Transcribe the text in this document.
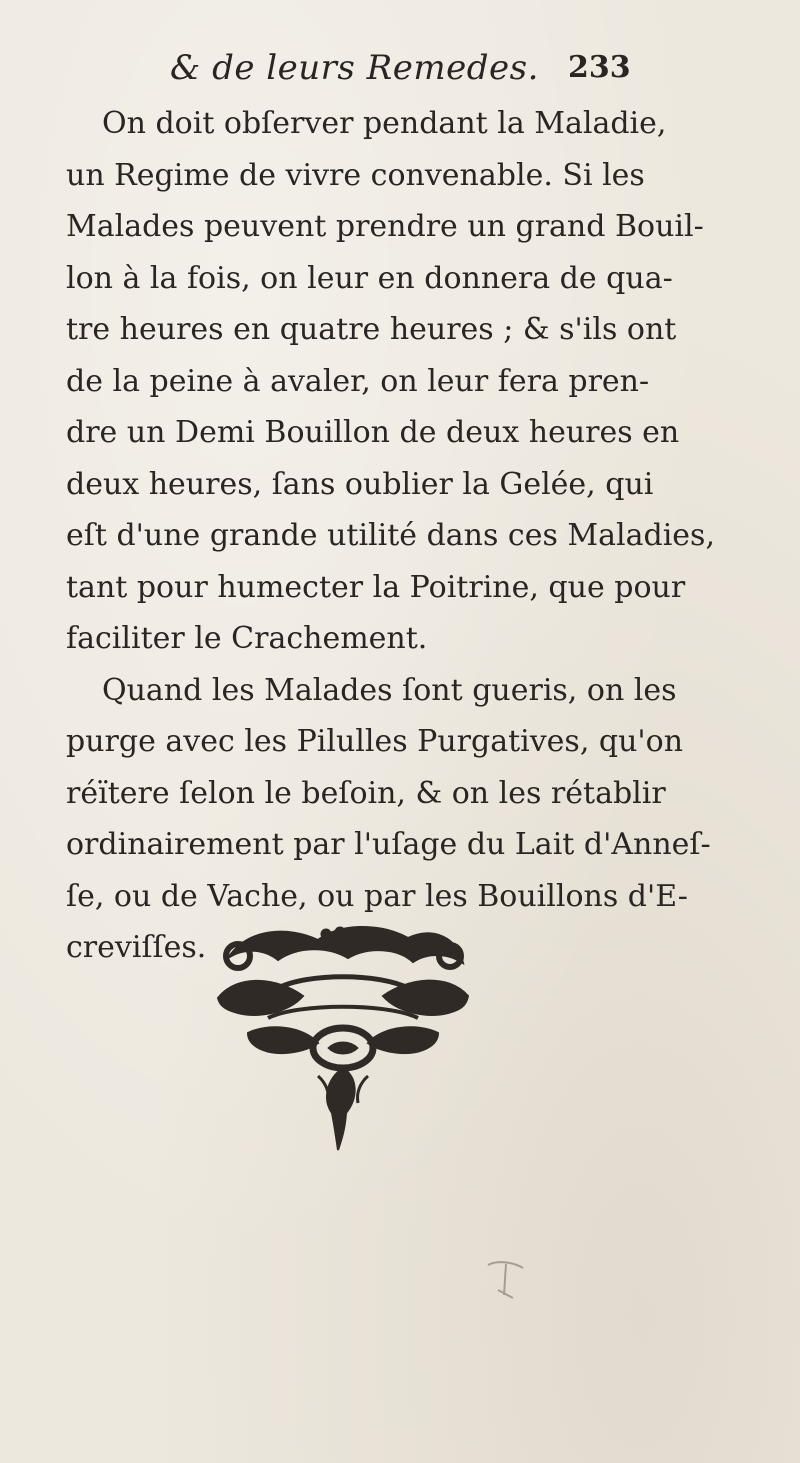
& de leurs Remedes. 233
On doit obſerver pendant la Maladie,
un Regime de vivre convenable. Si les
Malades peuvent prendre un grand Bouil-
lon à la fois, on leur en donnera de qua-
tre heures en quatre heures ; & s'ils ont
de la peine à avaler, on leur fera pren-
dre un Demi Bouillon de deux heures en
deux heures, ſans oublier la Gelée, qui
eſt d'une grande utilité dans ces Maladies,
tant pour humecter la Poitrine, que pour
faciliter le Crachement.
Quand les Malades ſont gueris, on les
purge avec les Pilulles Purgatives, qu'on
réïtere ſelon le beſoin, & on les rétablir
ordinairement par l'uſage du Lait d'Anneſ-
ſe, ou de Vache, ou par les Bouillons d'E-
creviſſes.
